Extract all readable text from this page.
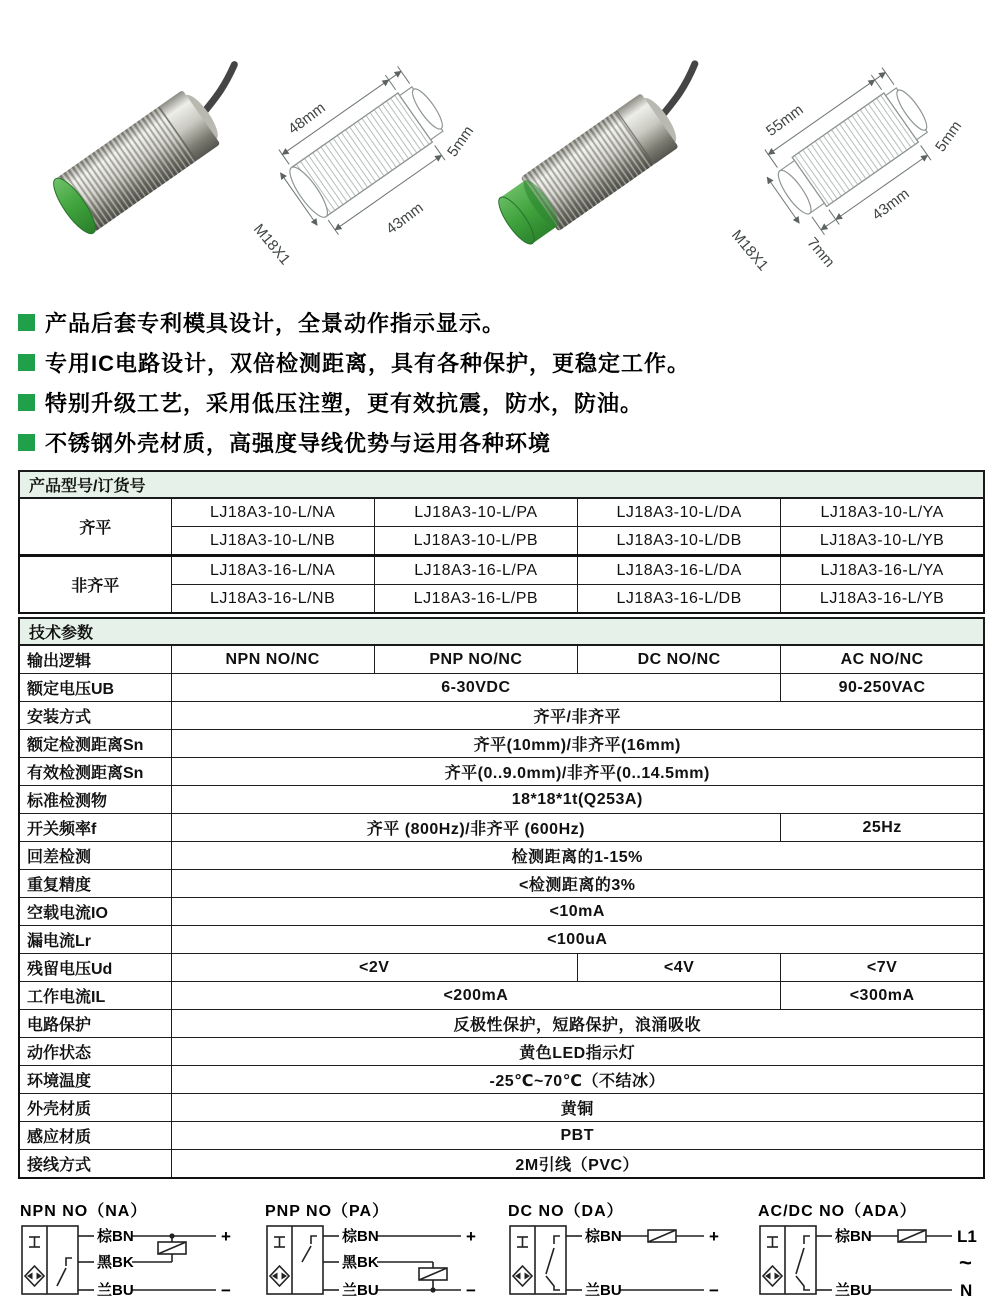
48mm
5mm
43mm
M18X1
55mm	5mm
43mm
7mm
M18X1
产品后套专利模具设计，全景动作指示显示。
专用IC电路设计，双倍检测距离，具有各种保护，更稳定工作。
特别升级工艺，采用低压注塑，更有效抗震，防水，防油。
不锈钢外壳材质，高强度导线优势与运用各种环境
产品型号/订货号				
齐平	LJ18A3-10-L/NA	LJ18A3-10-L/PA	LJ18A3-10-L/DA	LJ18A3-10-L/YA
	LJ18A3-10-L/NB	LJ18A3-10-L/PB	LJ18A3-10-L/DB	LJ18A3-10-L/YB
非齐平	LJ18A3-16-L/NA	LJ18A3-16-L/PA	LJ18A3-16-L/DA	LJ18A3-16-L/YA
	LJ18A3-16-L/NB	LJ18A3-16-L/PB	LJ18A3-16-L/DB	LJ18A3-16-L/YB
技术参数				
输出逻辑	NPN NO/NC	PNP NO/NC	DC NO/NC	AC NO/NC
额定电压UB	6-30VDC			90-250VAC
安装方式	齐平/非齐平			
额定检测距离Sn	齐平(10mm)/非齐平(16mm)			
有效检测距离Sn	齐平(0..9.0mm)/非齐平(0..14.5mm)			
标准检测物	18*18*1t(Q253A)			
开关频率f	齐平 (800Hz)/非齐平 (600Hz)			25Hz
回差检测	检测距离的1-15%			
重复精度	<检测距离的3%			
空载电流IO	<10mA			
漏电流Lr	<100uA			
残留电压Ud	<2V		<4V	<7V
工作电流IL	<200mA			<300mA
电路保护	反极性保护，短路保护，浪涌吸收			
动作状态	黄色LED指示灯			
环境温度	-25℃~70℃（不结冰）			
外壳材质	黄铜			
感应材质	PBT			
接线方式	2M引线（PVC）			
NPN NO（NA）
棕BN
黑BK
兰BU
+
−
PNP NO（PA）
棕BN
黑BK
兰BU
+
−
DC NO（DA）
棕BN
兰BU
+
−
AC/DC NO（ADA）
棕BN
兰BU
L1
~
N
